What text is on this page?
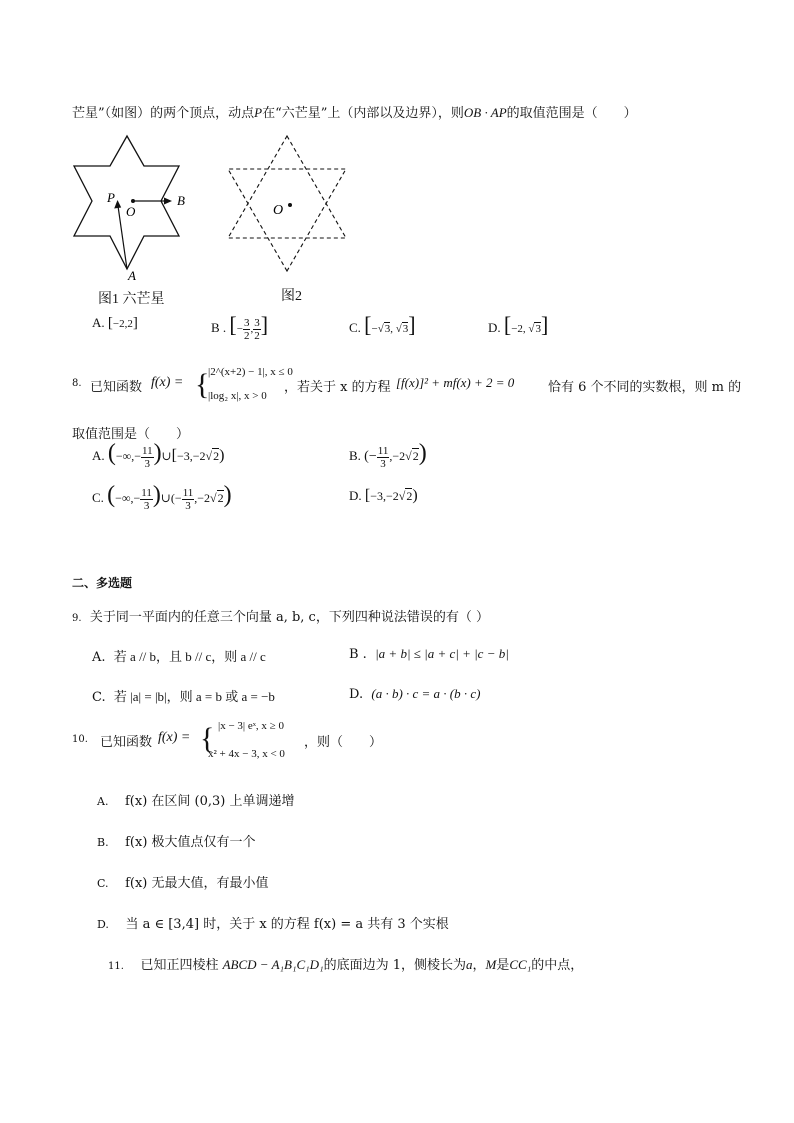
芒星”（如图）的两个顶点，动点P在“六芒星”上（内部以及边界），则OB · AP的取值范围是（　　）
P
O
B
A
图1 六芒星
O
图2
A. [−2,2]	B . [− $\frac{3}{2}$ , $\frac{3}{2}$ ]	C. [−√3, √3]	D. [−2, √3]
8. 已知函数 f(x) = {
|2^(x+2) − 1|, x ≤ 0
|log₂ x|, x > 0
，若关于 x 的方程 [f(x)]² + mf(x) + 2 = 0	恰有 6 个不同的实数根，则 m 的
取值范围是（　　）
A. (−∞,− $\frac{11}{3}$ )∪[−3,−2√2)	B. (− $\frac{11}{3} ,-2√2$)
C. (−∞,− $\frac{11}{3}$ )∪(− $\frac{11}{3} ,-2√2$)	D. [−3,−2√2)
二、多选题
9. 关于同一平面内的任意三个向量 a, b, c，下列四种说法错误的有（ ）
A. 若 a // b，且 b // c，则 a // c	B . |a + b| ≤ |a + c| + |c − b|
C. 若 |a| = |b|，则 a = b 或 a = −b	D. (a · b) · c = a · (b · c)
10. 已知函数 f(x) = { |x − 3| eˣ, x ≥ 0
x² + 4x − 3, x < 0
，则（　　）
A. f(x) 在区间 (0,3) 上单调递增
B. f(x) 极大值点仅有一个
C. f(x) 无最大值，有最小值
D. 当 a ∈ [3,4] 时，关于 x 的方程 f(x) = a 共有 3 个实根
11. 已知正四棱柱 ABCD − A₁B₁C₁D₁的底面边为 1，侧棱长为a，M是CC₁的中点，
